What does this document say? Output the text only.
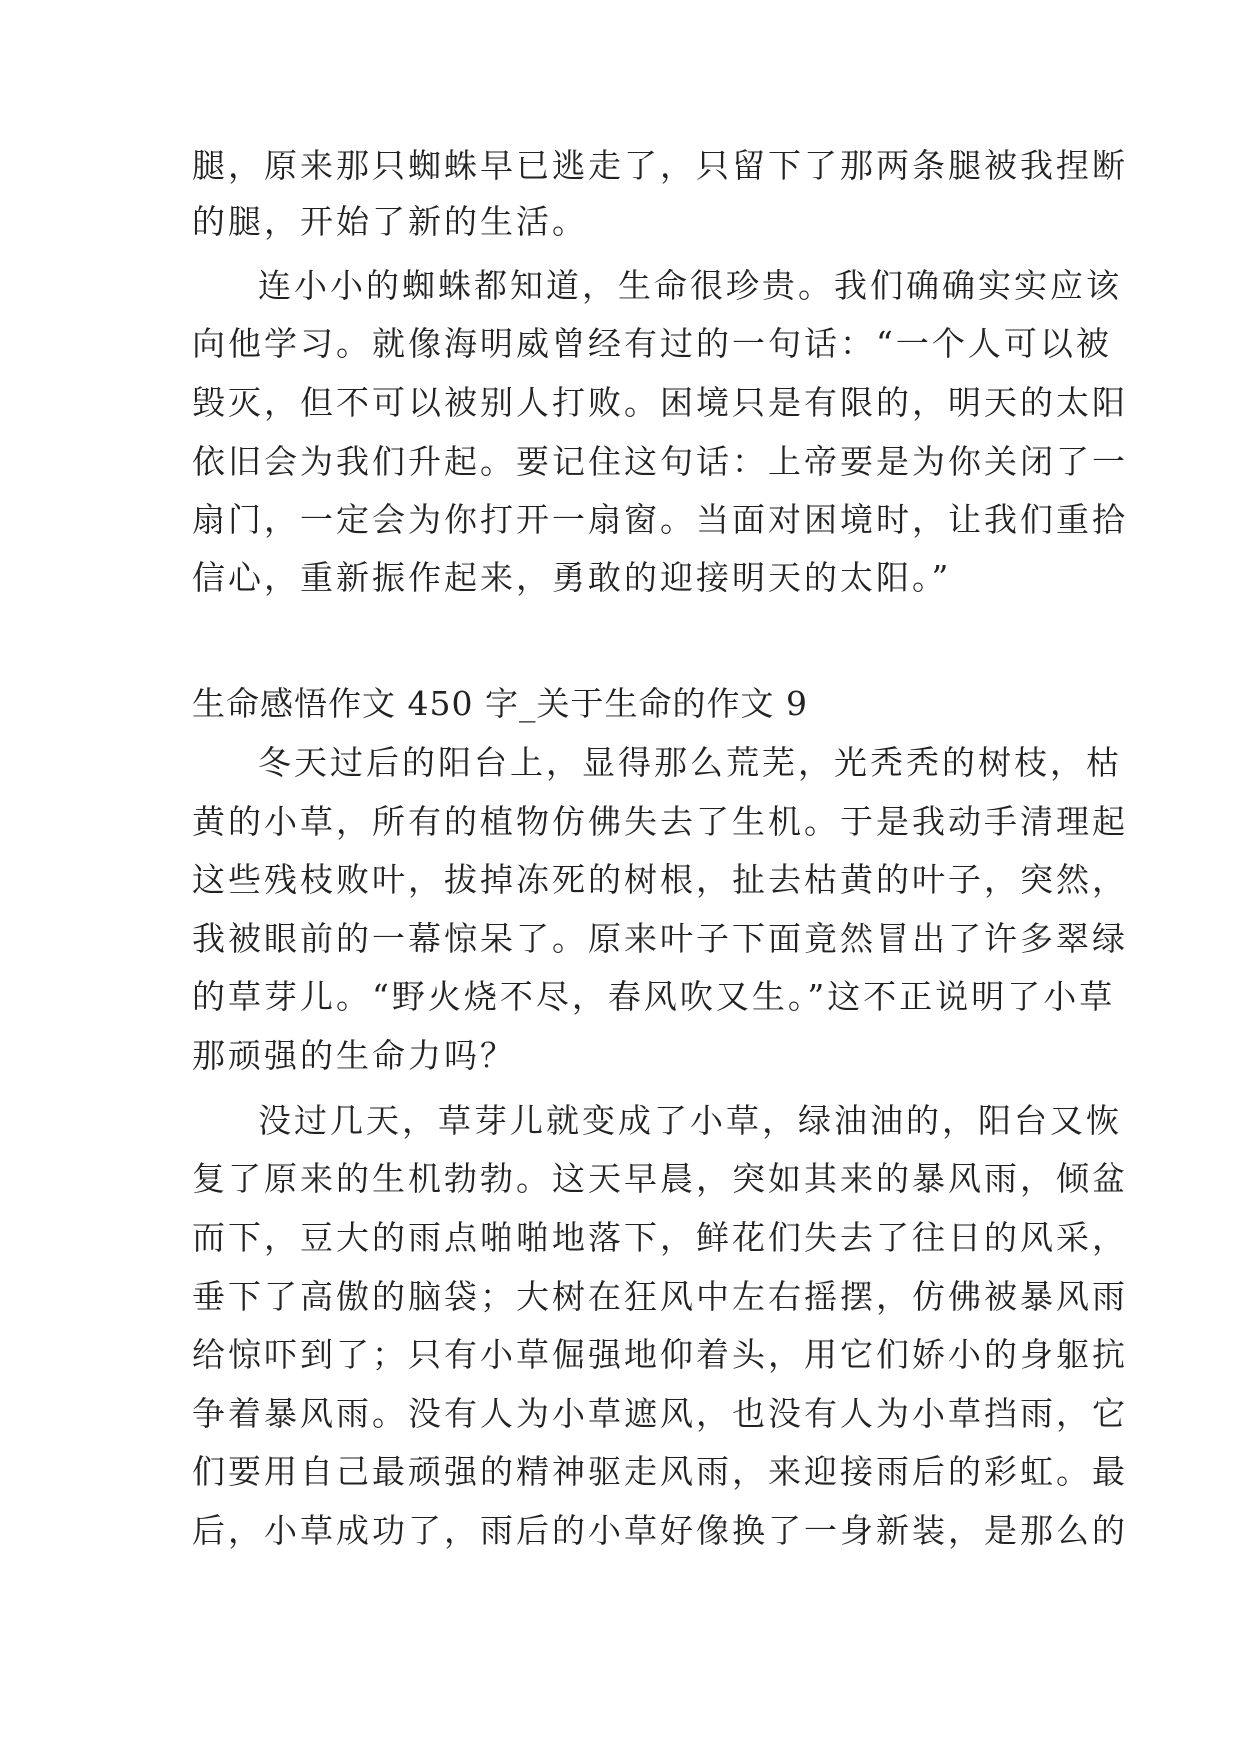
腿，原来那只蜘蛛早已逃走了，只留下了那两条腿被我捏断
的腿，开始了新的生活。
连小小的蜘蛛都知道，生命很珍贵。我们确确实实应该
向他学习。就像海明威曾经有过的一句话：“一个人可以被
毁灭，但不可以被别人打败。困境只是有限的，明天的太阳
依旧会为我们升起。要记住这句话：上帝要是为你关闭了一
扇门，一定会为你打开一扇窗。当面对困境时，让我们重拾
信心，重新振作起来，勇敢的迎接明天的太阳。”
生命感悟作文 450 字_关于生命的作文 9
冬天过后的阳台上，显得那么荒芜，光秃秃的树枝，枯
黄的小草，所有的植物仿佛失去了生机。于是我动手清理起
这些残枝败叶，拔掉冻死的树根，扯去枯黄的叶子，突然，
我被眼前的一幕惊呆了。原来叶子下面竟然冒出了许多翠绿
的草芽儿。“野火烧不尽，春风吹又生。”这不正说明了小草
那顽强的生命力吗？
没过几天，草芽儿就变成了小草，绿油油的，阳台又恢
复了原来的生机勃勃。这天早晨，突如其来的暴风雨，倾盆
而下，豆大的雨点啪啪地落下，鲜花们失去了往日的风采，
垂下了高傲的脑袋；大树在狂风中左右摇摆，仿佛被暴风雨
给惊吓到了；只有小草倔强地仰着头，用它们娇小的身躯抗
争着暴风雨。没有人为小草遮风，也没有人为小草挡雨，它
们要用自己最顽强的精神驱走风雨，来迎接雨后的彩虹。最
后，小草成功了，雨后的小草好像换了一身新装，是那么的
